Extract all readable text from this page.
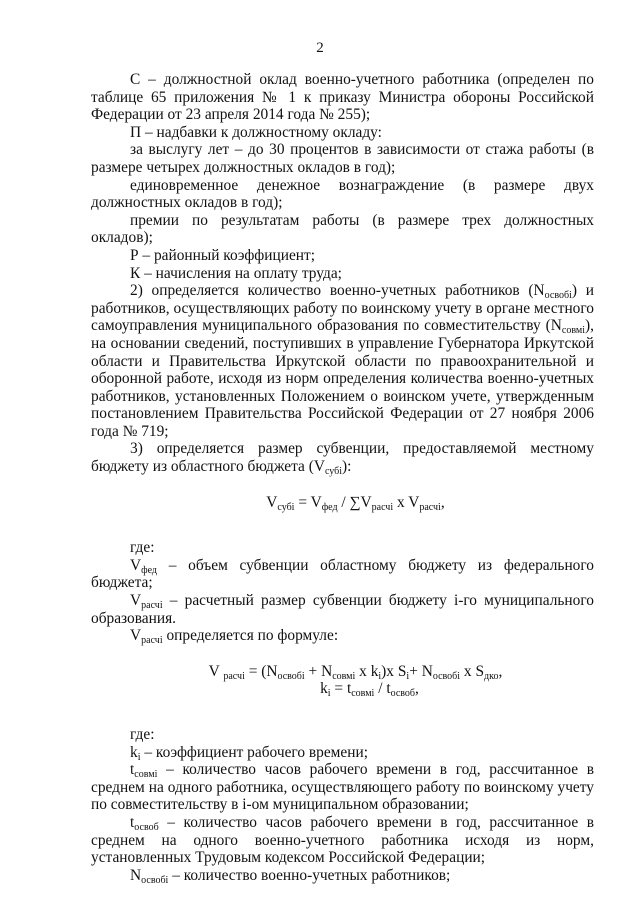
2

С – должностной оклад военно-учетного работника (определен по таблице 65 приложения № 1 к приказу Министра обороны Российской Федерации от 23 апреля 2014 года № 255);

П – надбавки к должностному окладу:

за выслугу лет – до 30 процентов в зависимости от стажа работы (в размере четырех должностных окладов в год);

единовременное денежное вознаграждение (в размере двух должностных окладов в год);

премии по результатам работы (в размере трех должностных окладов);

Р – районный коэффициент;

К – начисления на оплату труда;

2) определяется количество военно-учетных работников $(N_{освобi})$ и работников, осуществляющих работу по воинскому учету в органе местного самоуправления муниципального образования по совместительству $(N_{совмi})$, на основании сведений, поступивших в управление Губернатора Иркутской области и Правительства Иркутской области по правоохранительной и оборонной работе, исходя из норм определения количества военно-учетных работников, установленных Положением о воинском учете, утвержденным постановлением Правительства Российской Федерации от 27 ноября 2006 года № 719;

3) определяется размер субвенции, предоставляемой местному бюджету из областного бюджета $(V_{субi})$:

$V_{субi} = V_{фед} / \sum V_{расчi}$ x $V_{расчi}$,

где:

$V_{фед}$ – объем субвенции областному бюджету из федерального бюджета;

$V_{расчi}$ – расчетный размер субвенции бюджету i-го муниципального образования.

$V_{расчi}$ определяется по формуле:

V $_{расчi} = (N_{освобi} + N_{совмi}$ x $k_i)x$ $S_i+ N_{освобi}$ x $S_{дко}$,

$k_i = t_{совмi} / t_{освоб}$,

где:

$k_i$ – коэффициент рабочего времени;

$t_{совмi}$ – количество часов рабочего времени в год, рассчитанное в среднем на одного работника, осуществляющего работу по воинскому учету по совместительству в i-ом муниципальном образовании;

$t_{освоб}$ – количество часов рабочего времени в год, рассчитанное в среднем на одного военно-учетного работника исходя из норм, установленных Трудовым кодексом Российской Федерации;

$N_{освобi}$ – количество военно-учетных работников;
